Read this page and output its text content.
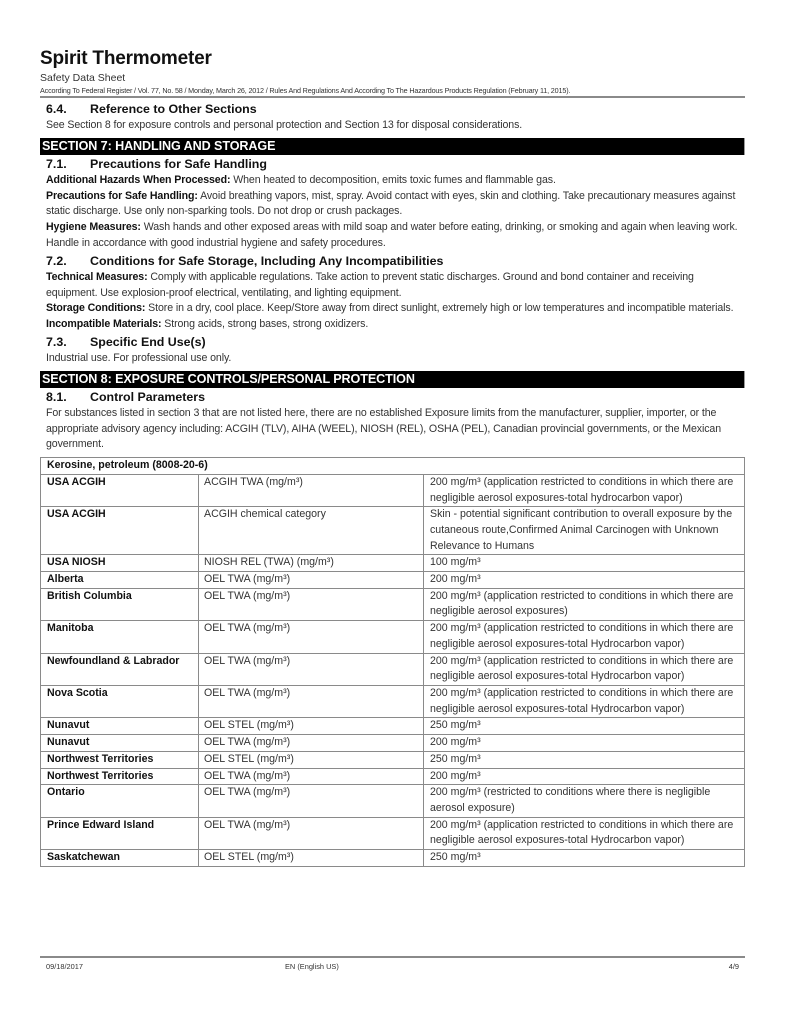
Spirit Thermometer
Safety Data Sheet
According To Federal Register / Vol. 77, No. 58 / Monday, March 26, 2012 / Rules And Regulations And According To The Hazardous Products Regulation (February 11, 2015).
6.4.	Reference to Other Sections
See Section 8 for exposure controls and personal protection and Section 13 for disposal considerations.
SECTION 7: HANDLING AND STORAGE
7.1.	Precautions for Safe Handling
Additional Hazards When Processed: When heated to decomposition, emits toxic fumes and flammable gas.
Precautions for Safe Handling: Avoid breathing vapors, mist, spray. Avoid contact with eyes, skin and clothing. Take precautionary measures against static discharge. Use only non-sparking tools. Do not drop or crush packages.
Hygiene Measures: Wash hands and other exposed areas with mild soap and water before eating, drinking, or smoking and again when leaving work. Handle in accordance with good industrial hygiene and safety procedures.
7.2.	Conditions for Safe Storage, Including Any Incompatibilities
Technical Measures: Comply with applicable regulations. Take action to prevent static discharges. Ground and bond container and receiving equipment. Use explosion-proof electrical, ventilating, and lighting equipment.
Storage Conditions: Store in a dry, cool place. Keep/Store away from direct sunlight, extremely high or low temperatures and incompatible materials.
Incompatible Materials: Strong acids, strong bases, strong oxidizers.
7.3.	Specific End Use(s)
Industrial use. For professional use only.
SECTION 8: EXPOSURE CONTROLS/PERSONAL PROTECTION
8.1.	Control Parameters
For substances listed in section 3 that are not listed here, there are no established Exposure limits from the manufacturer, supplier, importer, or the appropriate advisory agency including: ACGIH (TLV), AIHA (WEEL), NIOSH (REL), OSHA (PEL), Canadian provincial governments, or the Mexican government.
Kerosine, petroleum (8008-20-6)		
USA ACGIH	ACGIH TWA (mg/m³)	200 mg/m³ (application restricted to conditions in which there are negligible aerosol exposures-total hydrocarbon vapor)
USA ACGIH	ACGIH chemical category	Skin - potential significant contribution to overall exposure by the cutaneous route,Confirmed Animal Carcinogen with Unknown Relevance to Humans
USA NIOSH	NIOSH REL (TWA) (mg/m³)	100 mg/m³
Alberta	OEL TWA (mg/m³)	200 mg/m³
British Columbia	OEL TWA (mg/m³)	200 mg/m³ (application restricted to conditions in which there are negligible aerosol exposures)
Manitoba	OEL TWA (mg/m³)	200 mg/m³ (application restricted to conditions in which there are negligible aerosol exposures-total Hydrocarbon vapor)
Newfoundland & Labrador	OEL TWA (mg/m³)	200 mg/m³ (application restricted to conditions in which there are negligible aerosol exposures-total Hydrocarbon vapor)
Nova Scotia	OEL TWA (mg/m³)	200 mg/m³ (application restricted to conditions in which there are negligible aerosol exposures-total Hydrocarbon vapor)
Nunavut	OEL STEL (mg/m³)	250 mg/m³
Nunavut	OEL TWA (mg/m³)	200 mg/m³
Northwest Territories	OEL STEL (mg/m³)	250 mg/m³
Northwest Territories	OEL TWA (mg/m³)	200 mg/m³
Ontario	OEL TWA (mg/m³)	200 mg/m³ (restricted to conditions where there is negligible aerosol exposure)
Prince Edward Island	OEL TWA (mg/m³)	200 mg/m³ (application restricted to conditions in which there are negligible aerosol exposures-total Hydrocarbon vapor)
Saskatchewan	OEL STEL (mg/m³)	250 mg/m³
09/18/2017	EN (English US)	4/9
